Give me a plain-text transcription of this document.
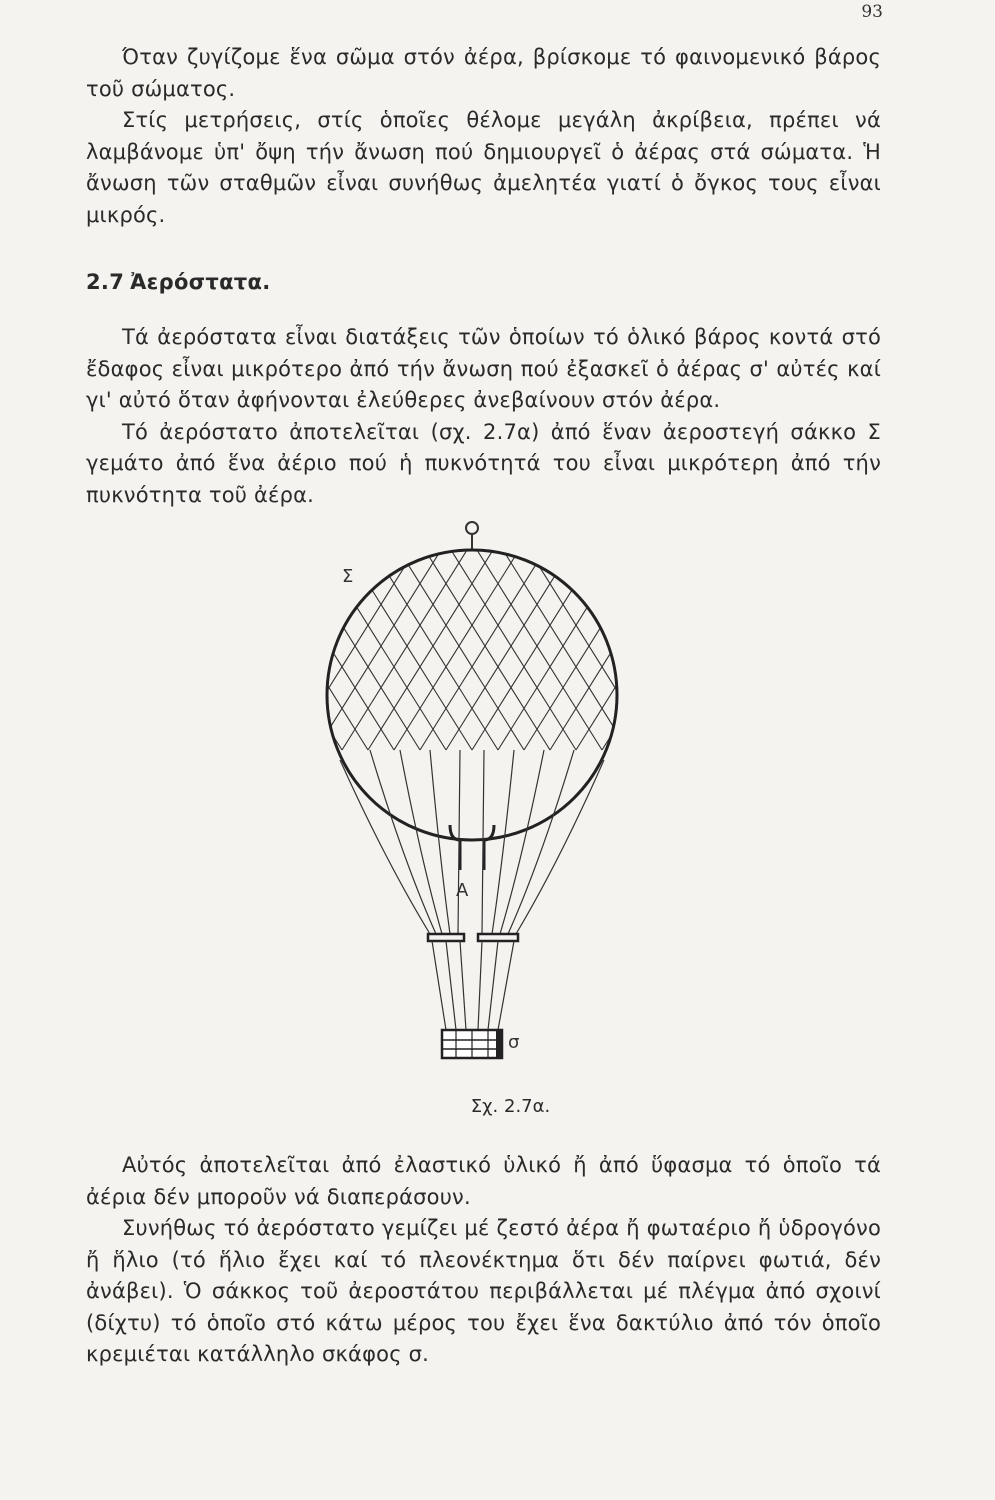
93

Όταν ζυγίζομε ἕνα σῶμα στόν ἀέρα, βρίσκομε τό φαινομενικό βάρος τοῦ σώματος.

Στίς μετρήσεις, στίς ὁποῖες θέλομε μεγάλη ἀκρίβεια, πρέπει νά λαμβάνομε ὑπ' ὄψη τήν ἄνωση πού δημιουργεῖ ὁ ἀέρας στά σώματα. Ἡ ἄνωση τῶν σταθμῶν εἶναι συνήθως ἀμελητέα γιατί ὁ ὄγκος τους εἶναι μικρός.

2.7 Ἀερόστατα.

Τά ἀερόστατα εἶναι διατάξεις τῶν ὁποίων τό ὁλικό βάρος κοντά στό ἔδαφος εἶναι μικρότερο ἀπό τήν ἄνωση πού ἐξασκεῖ ὁ ἀέρας σ' αὐτές καί γι' αὐτό ὅταν ἀφήνονται ἐλεύθερες ἀνεβαίνουν στόν ἀέρα.

Τό ἀερόστατο ἀποτελεῖται (σχ. 2.7α) ἀπό ἕναν ἀεροστεγή σάκκο Σ γεμάτο ἀπό ἕνα ἀέριο πού ἡ πυκνότητά του εἶναι μικρότερη ἀπό τήν πυκνότητα τοῦ ἀέρα.

Σ
Α
σ
Σχ. 2.7α.

Αὐτός ἀποτελεῖται ἀπό ἐλαστικό ὑλικό ἤ ἀπό ὕφασμα τό ὁποῖο τά ἀέρια δέν μποροῦν νά διαπεράσουν.

Συνήθως τό ἀερόστατο γεμίζει μέ ζεστό ἀέρα ἤ φωταέριο ἤ ὑδρογόνο ἤ ἥλιο (τό ἥλιο ἔχει καί τό πλεονέκτημα ὅτι δέν παίρνει φωτιά, δέν ἀνάβει). Ὁ σάκκος τοῦ ἀεροστάτου περιβάλλεται μέ πλέγμα ἀπό σχοινί (δίχτυ) τό ὁποῖο στό κάτω μέρος του ἔχει ἕνα δακτύλιο ἀπό τόν ὁποῖο κρεμιέται κατάλληλο σκάφος σ.
